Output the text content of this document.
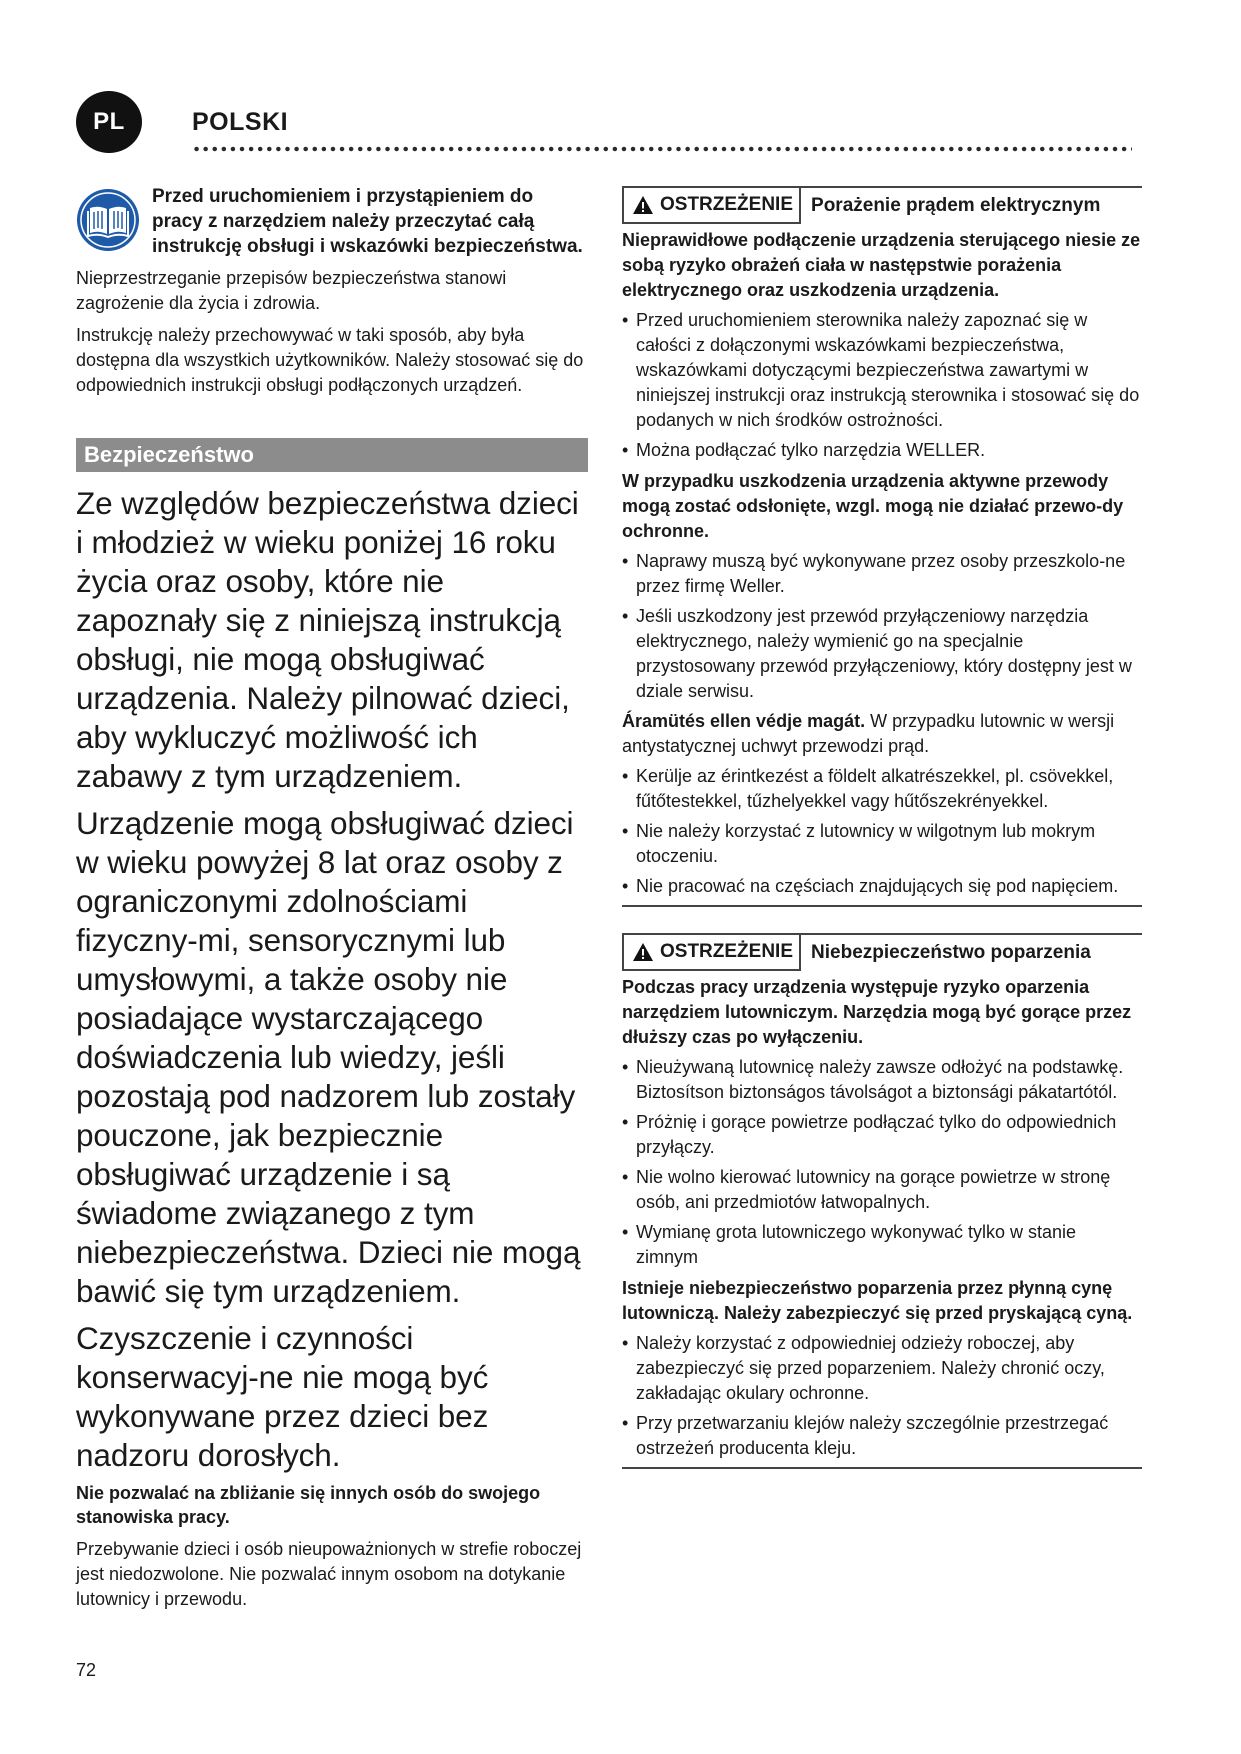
PL	POLSKI

Przed uruchomieniem i przystąpieniem do pracy z narzędziem należy przeczytać całą instrukcję obsługi i wskazówki bezpieczeństwa.

Nieprzestrzeganie przepisów bezpieczeństwa stanowi zagrożenie dla życia i zdrowia.

Instrukcję należy przechowywać w taki sposób, aby była dostępna dla wszystkich użytkowników. Należy stosować się do odpowiednich instrukcji obsługi podłączonych urządzeń.

Bezpieczeństwo

Ze względów bezpieczeństwa dzieci i młodzież w wieku poniżej 16 roku życia oraz osoby, które nie zapoznały się z niniejszą instrukcją obsługi, nie mogą obsługiwać urządzenia. Należy pilnować dzieci, aby wykluczyć możliwość ich zabawy z tym urządzeniem.

Urządzenie mogą obsługiwać dzieci w wieku powyżej 8 lat oraz osoby z ograniczonymi zdolnościami fizyczny-mi, sensorycznymi lub umysłowymi, a także osoby nie posiadające wystarczającego doświadczenia lub wiedzy, jeśli pozostają pod nadzorem lub zostały pouczone, jak bezpiecznie obsługiwać urządzenie i są świadome związanego z tym niebezpieczeństwa. Dzieci nie mogą bawić się tym urządzeniem.

Czyszczenie i czynności konserwacyj-ne nie mogą być wykonywane przez dzieci bez nadzoru dorosłych.

Nie pozwalać na zbliżanie się innych osób do swojego stanowiska pracy.

Przebywanie dzieci i osób nieupoważnionych w strefie roboczej jest niedozwolone. Nie pozwalać innym osobom na dotykanie lutownicy i przewodu.

OSTRZEŻENIE Porażenie prądem elektrycznym

Nieprawidłowe podłączenie urządzenia sterującego niesie ze sobą ryzyko obrażeń ciała w następstwie porażenia elektrycznego oraz uszkodzenia urządzenia.

• Przed uruchomieniem sterownika należy zapoznać się w całości z dołączonymi wskazówkami bezpieczeństwa, wskazówkami dotyczącymi bezpieczeństwa zawartymi w niniejszej instrukcji oraz instrukcją sterownika i stosować się do podanych w nich środków ostrożności.
• Można podłączać tylko narzędzia WELLER.

W przypadku uszkodzenia urządzenia aktywne przewody mogą zostać odsłonięte, wzgl. mogą nie działać przewo-dy ochronne.

• Naprawy muszą być wykonywane przez osoby przeszkolo-ne przez firmę Weller.
• Jeśli uszkodzony jest przewód przyłączeniowy narzędzia elektrycznego, należy wymienić go na specjalnie przystosowany przewód przyłączeniowy, który dostępny jest w dziale serwisu.

Áramütés ellen védje magát. W przypadku lutownic w wersji antystatycznej uchwyt przewodzi prąd.

• Kerülje az érintkezést a földelt alkatrészekkel, pl. csövekkel, fűtőtestekkel, tűzhelyekkel vagy hűtőszekrényekkel.
• Nie należy korzystać z lutownicy w wilgotnym lub mokrym otoczeniu.
• Nie pracować na częściach znajdujących się pod napięciem.
OSTRZEŻENIE Niebezpieczeństwo poparzenia

Podczas pracy urządzenia występuje ryzyko oparzenia narzędziem lutowniczym. Narzędzia mogą być gorące przez dłuższy czas po wyłączeniu.

• Nieużywaną lutownicę należy zawsze odłożyć na podstawkę. Biztosítson biztonságos távolságot a biztonsági pákatartótól.
• Próżnię i gorące powietrze podłączać tylko do odpowiednich przyłączy.
• Nie wolno kierować lutownicy na gorące powietrze w stronę osób, ani przedmiotów łatwopalnych.
• Wymianę grota lutowniczego wykonywać tylko w stanie zimnym

Istnieje niebezpieczeństwo poparzenia przez płynną cynę lutowniczą. Należy zabezpieczyć się przed pryskającą cyną.

• Należy korzystać z odpowiedniej odzieży roboczej, aby zabezpieczyć się przed poparzeniem. Należy chronić oczy, zakładając okulary ochronne.
• Przy przetwarzaniu klejów należy szczególnie przestrzegać ostrzeżeń producenta kleju.
72
